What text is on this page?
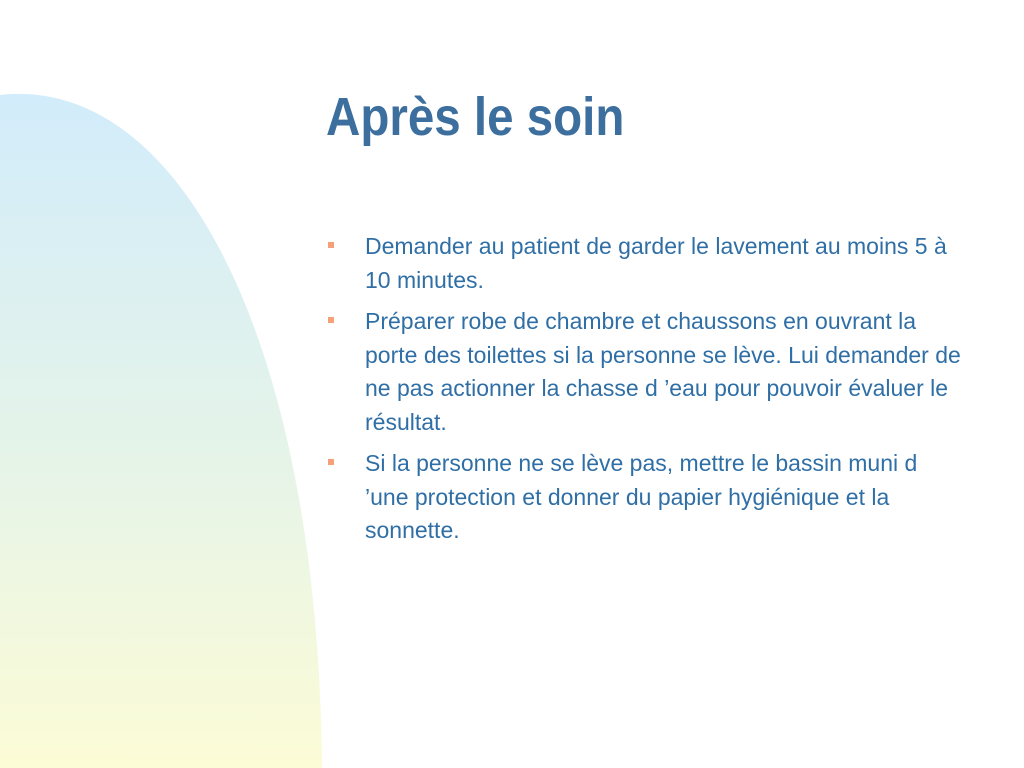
Après le soin
Demander au patient de garder le lavement au moins 5 à 10 minutes.
Préparer robe de chambre et chaussons en ouvrant la porte des toilettes si la personne se lève. Lui demander de ne pas actionner la chasse d ’eau pour pouvoir évaluer le résultat.
Si la personne ne se lève pas, mettre le bassin muni d ’une protection et donner du papier hygiénique et la sonnette.
